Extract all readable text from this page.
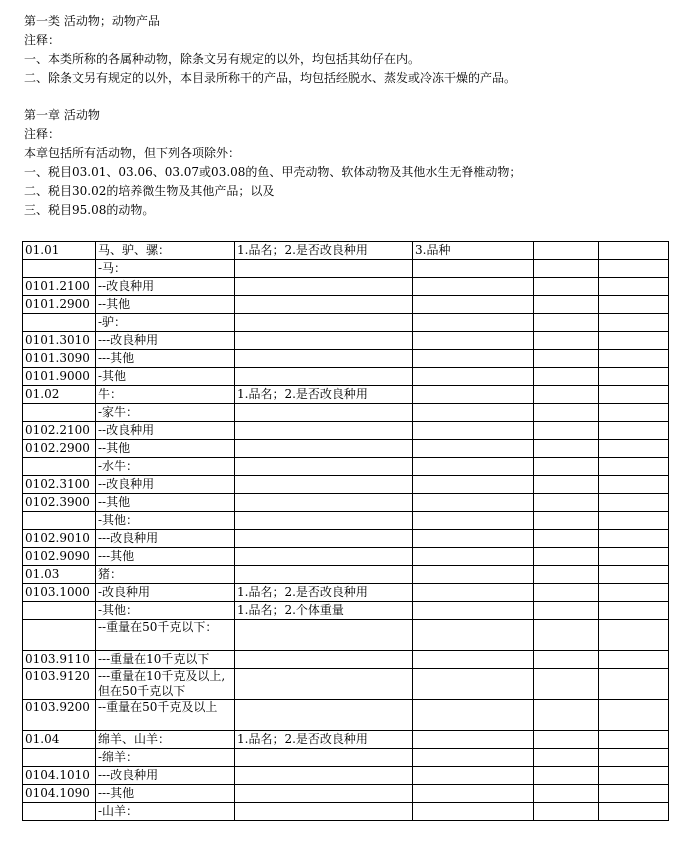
第一类 活动物；动物产品
注释：
一、本类所称的各属种动物，除条文另有规定的以外，均包括其幼仔在内。
二、除条文另有规定的以外，本目录所称干的产品，均包括经脱水、蒸发或冷冻干燥的产品。
第一章 活动物
注释：
本章包括所有活动物，但下列各项除外：
一、税目03.01、03.06、03.07或03.08的鱼、甲壳动物、软体动物及其他水生无脊椎动物；
二、税目30.02的培养微生物及其他产品；以及
三、税目95.08的动物。
01.01	马、驴、骡：	1.品名；2.是否改良种用	3.品种		
	-马：				
0101.2100	--改良种用				
0101.2900	--其他				
	-驴：				
0101.3010	---改良种用				
0101.3090	---其他				
0101.9000	-其他				
01.02	牛：	1.品名；2.是否改良种用			
	-家牛：				
0102.2100	--改良种用				
0102.2900	--其他				
	-水牛：				
0102.3100	--改良种用				
0102.3900	--其他				
	-其他：				
0102.9010	---改良种用				
0102.9090	---其他				
01.03	猪：				
0103.1000	-改良种用	1.品名；2.是否改良种用			
	-其他：	1.品名；2.个体重量			
	--重量在50千克以下：				
0103.9110	---重量在10千克以下				
0103.9120	---重量在10千克及以上,但在50千克以下				
0103.9200	--重量在50千克及以上				
01.04	绵羊、山羊：	1.品名；2.是否改良种用			
	-绵羊：				
0104.1010	---改良种用				
0104.1090	---其他				
	-山羊：				
